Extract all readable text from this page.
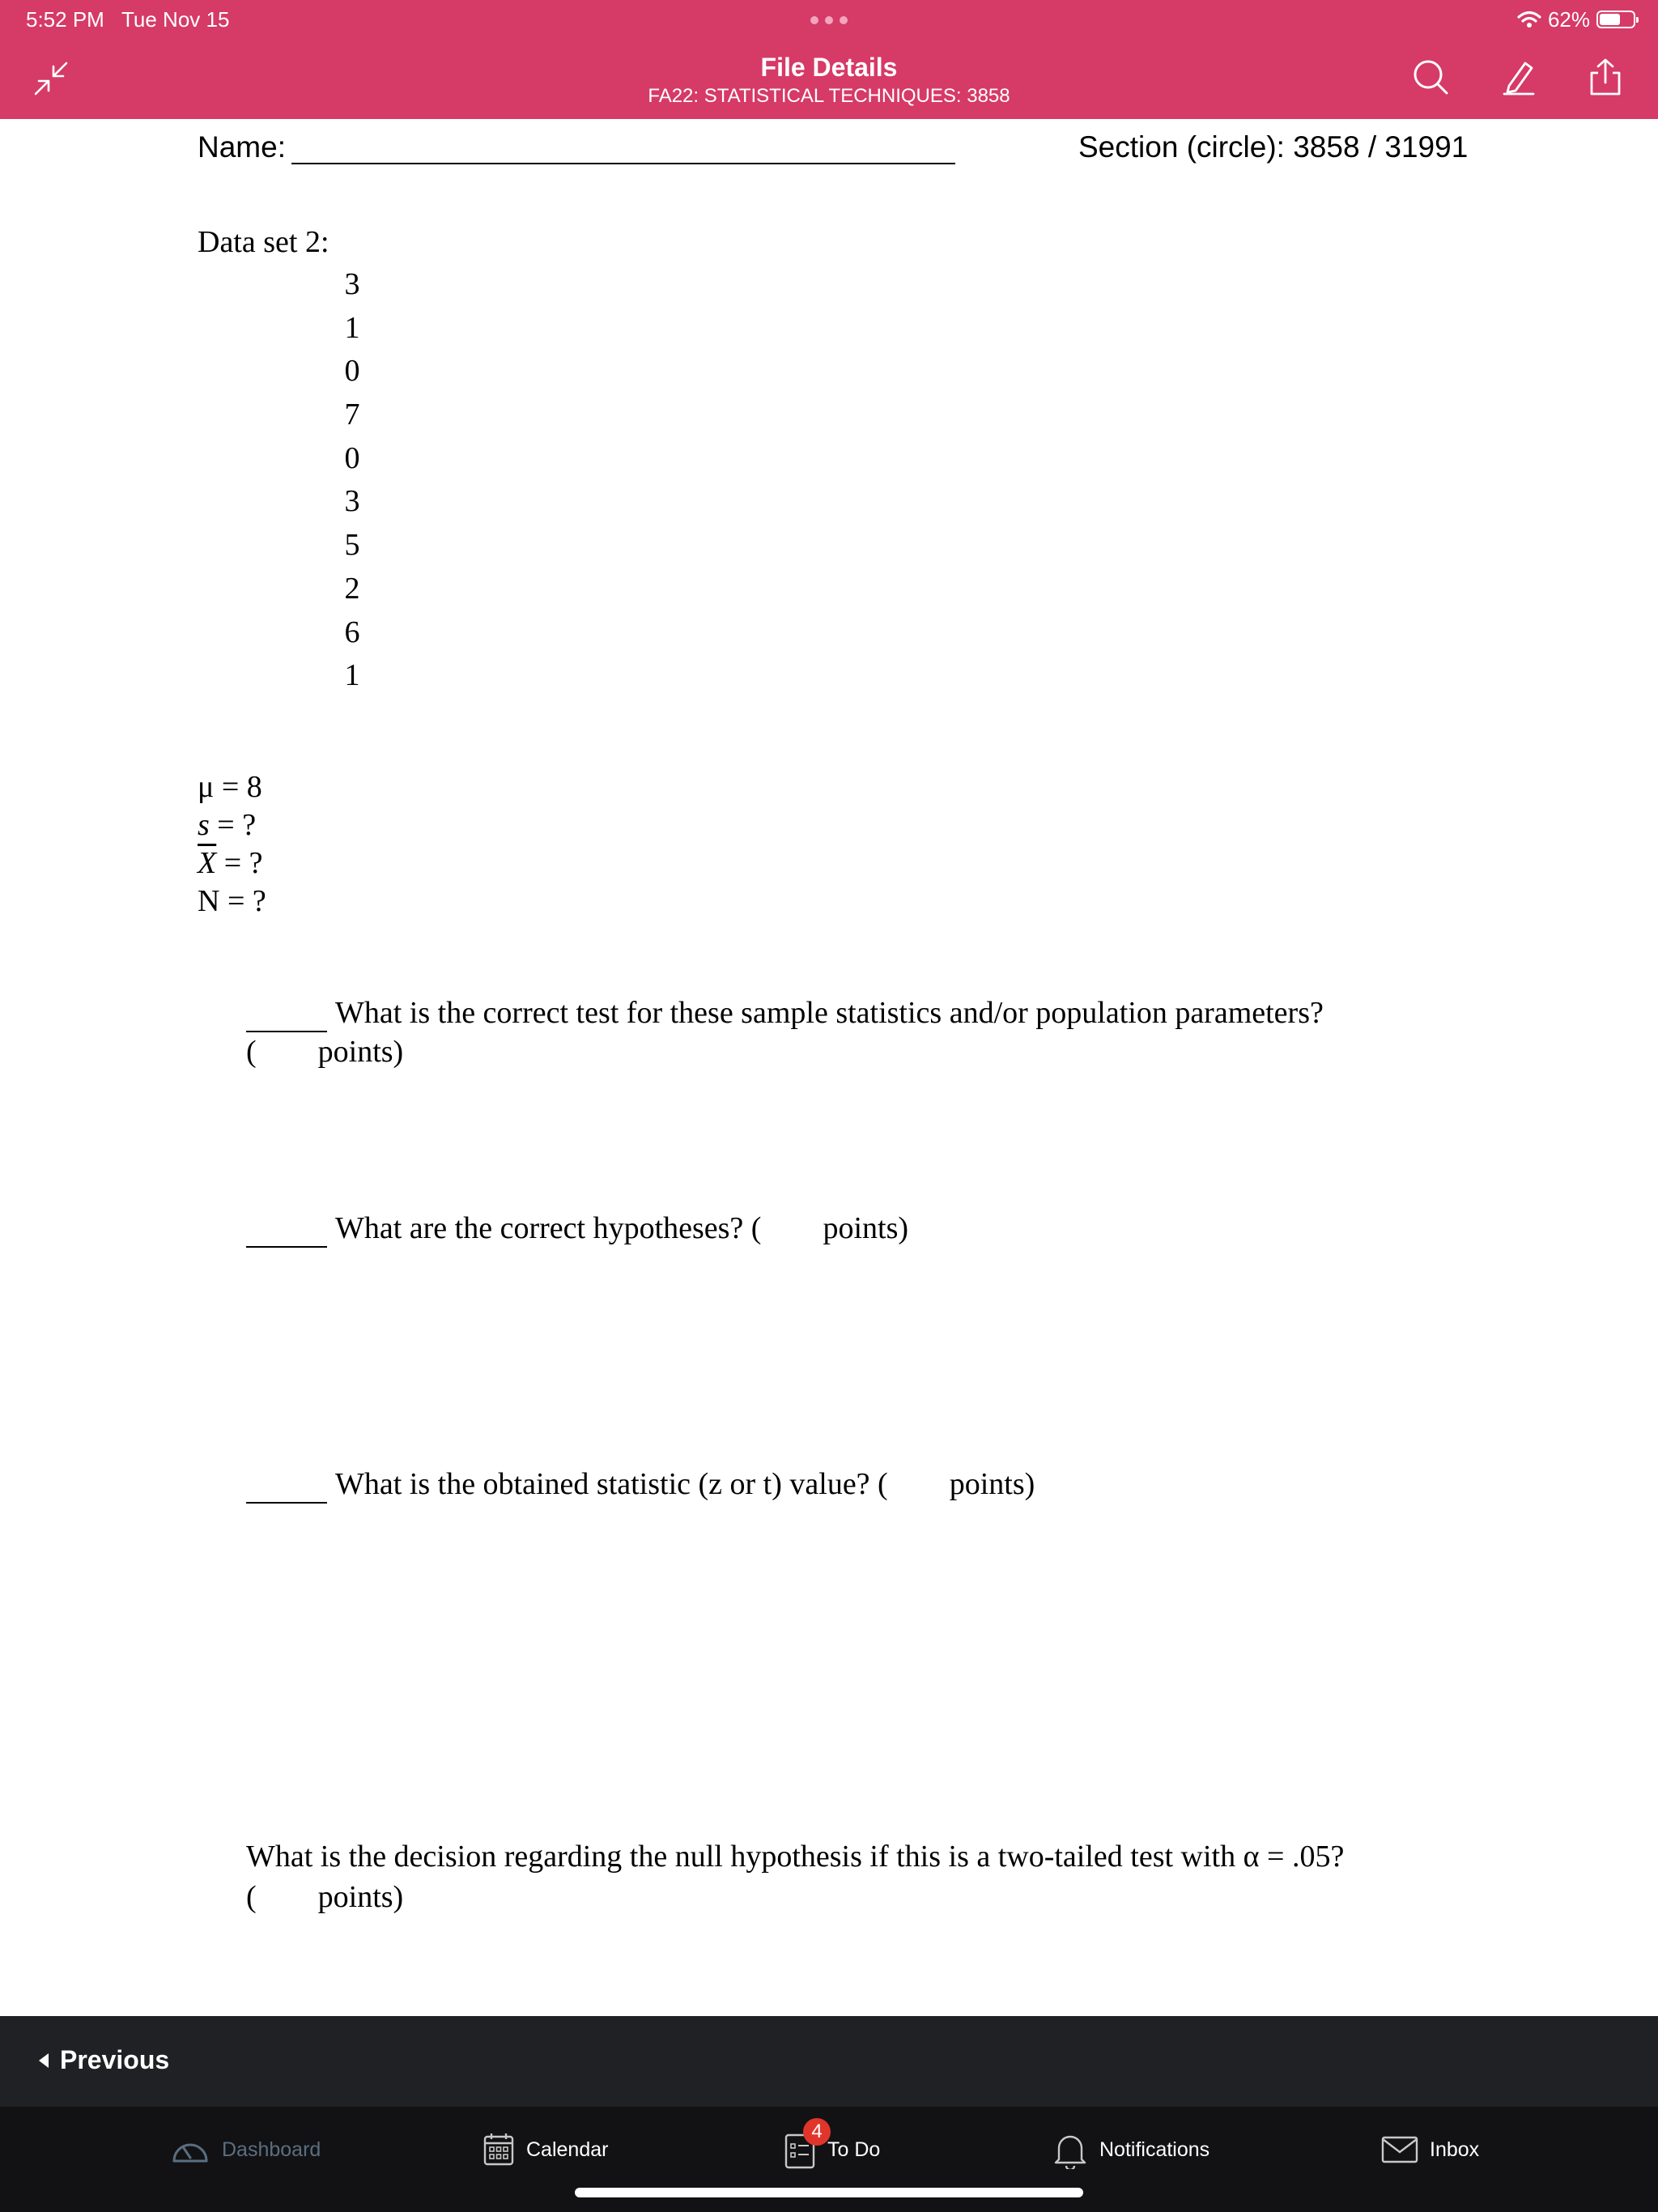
5:52 PM Tue Nov 15	62%
File Details
FA22: STATISTICAL TECHNIQUES: 3858
Name:	Section (circle): 3858 / 31991
Data set 2:
3
1
0
7
0
3
5
2
6
1
μ = 8
s = ?
$\overline{X}$ = ?
N = ?
What is the correct test for these sample statistics and/or population parameters?
( points)
What are the correct hypotheses? ( points)
What is the obtained statistic (z or t) value? ( points)
What is the decision regarding the null hypothesis if this is a two-tailed test with α = .05?
( points)
Previous
Dashboard	Calendar	To Do
4
Notifications	Inbox
